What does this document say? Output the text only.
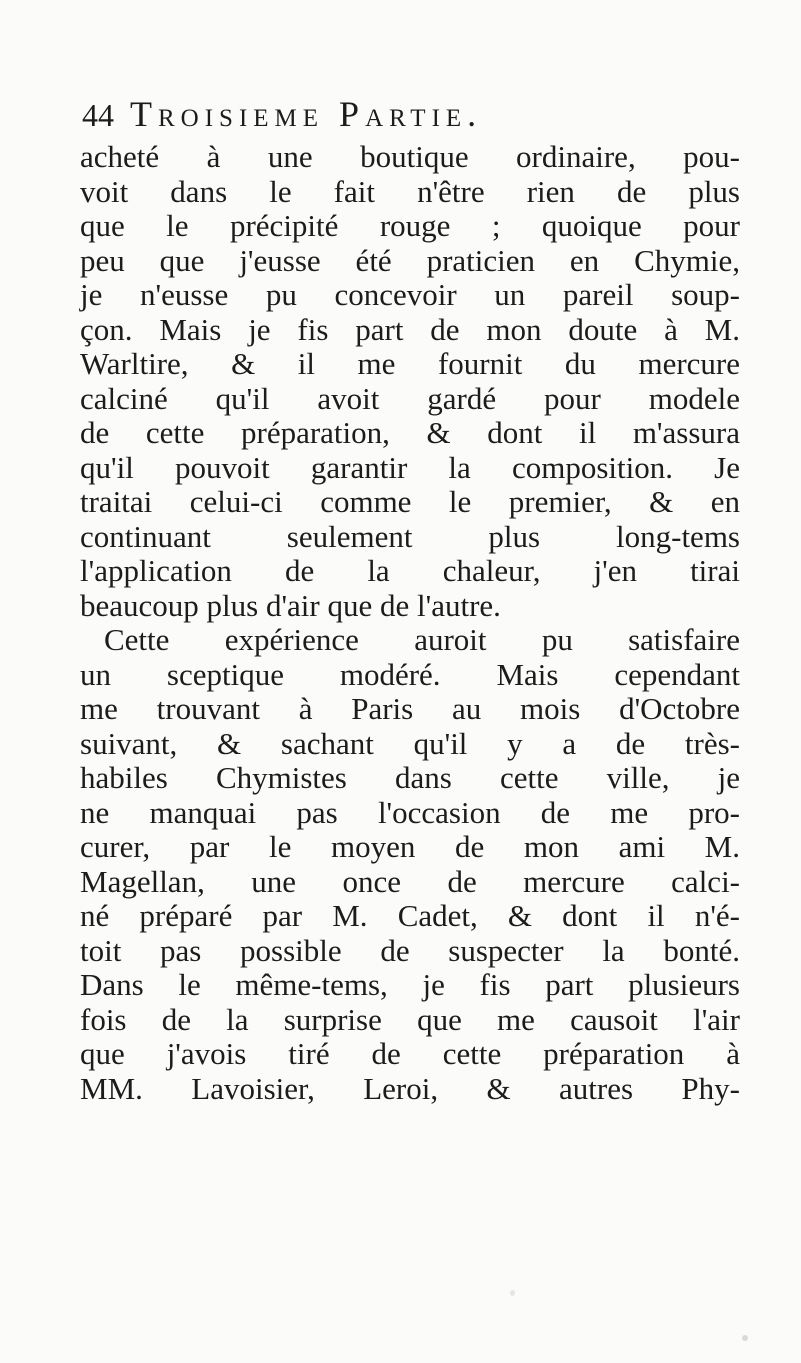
44 Troisieme Partie.
acheté à une boutique ordinaire, pou-
voit dans le fait n'être rien de plus
que le précipité rouge ; quoique pour
peu que j'eusse été praticien en Chymie,
je n'eusse pu concevoir un pareil soup-
çon. Mais je fis part de mon doute à M.
Warltire, & il me fournit du mercure
calciné qu'il avoit gardé pour modele
de cette préparation, & dont il m'assura
qu'il pouvoit garantir la composition. Je
traitai celui-ci comme le premier, & en
continuant seulement plus long-tems
l'application de la chaleur, j'en tirai
beaucoup plus d'air que de l'autre.
Cette expérience auroit pu satisfaire
un sceptique modéré. Mais cependant
me trouvant à Paris au mois d'Octobre
suivant, & sachant qu'il y a de très-
habiles Chymistes dans cette ville, je
ne manquai pas l'occasion de me pro-
curer, par le moyen de mon ami M.
Magellan, une once de mercure calci-
né préparé par M. Cadet, & dont il n'é-
toit pas possible de suspecter la bonté.
Dans le même-tems, je fis part plusieurs
fois de la surprise que me causoit l'air
que j'avois tiré de cette préparation à
MM. Lavoisier, Leroi, & autres Phy-
